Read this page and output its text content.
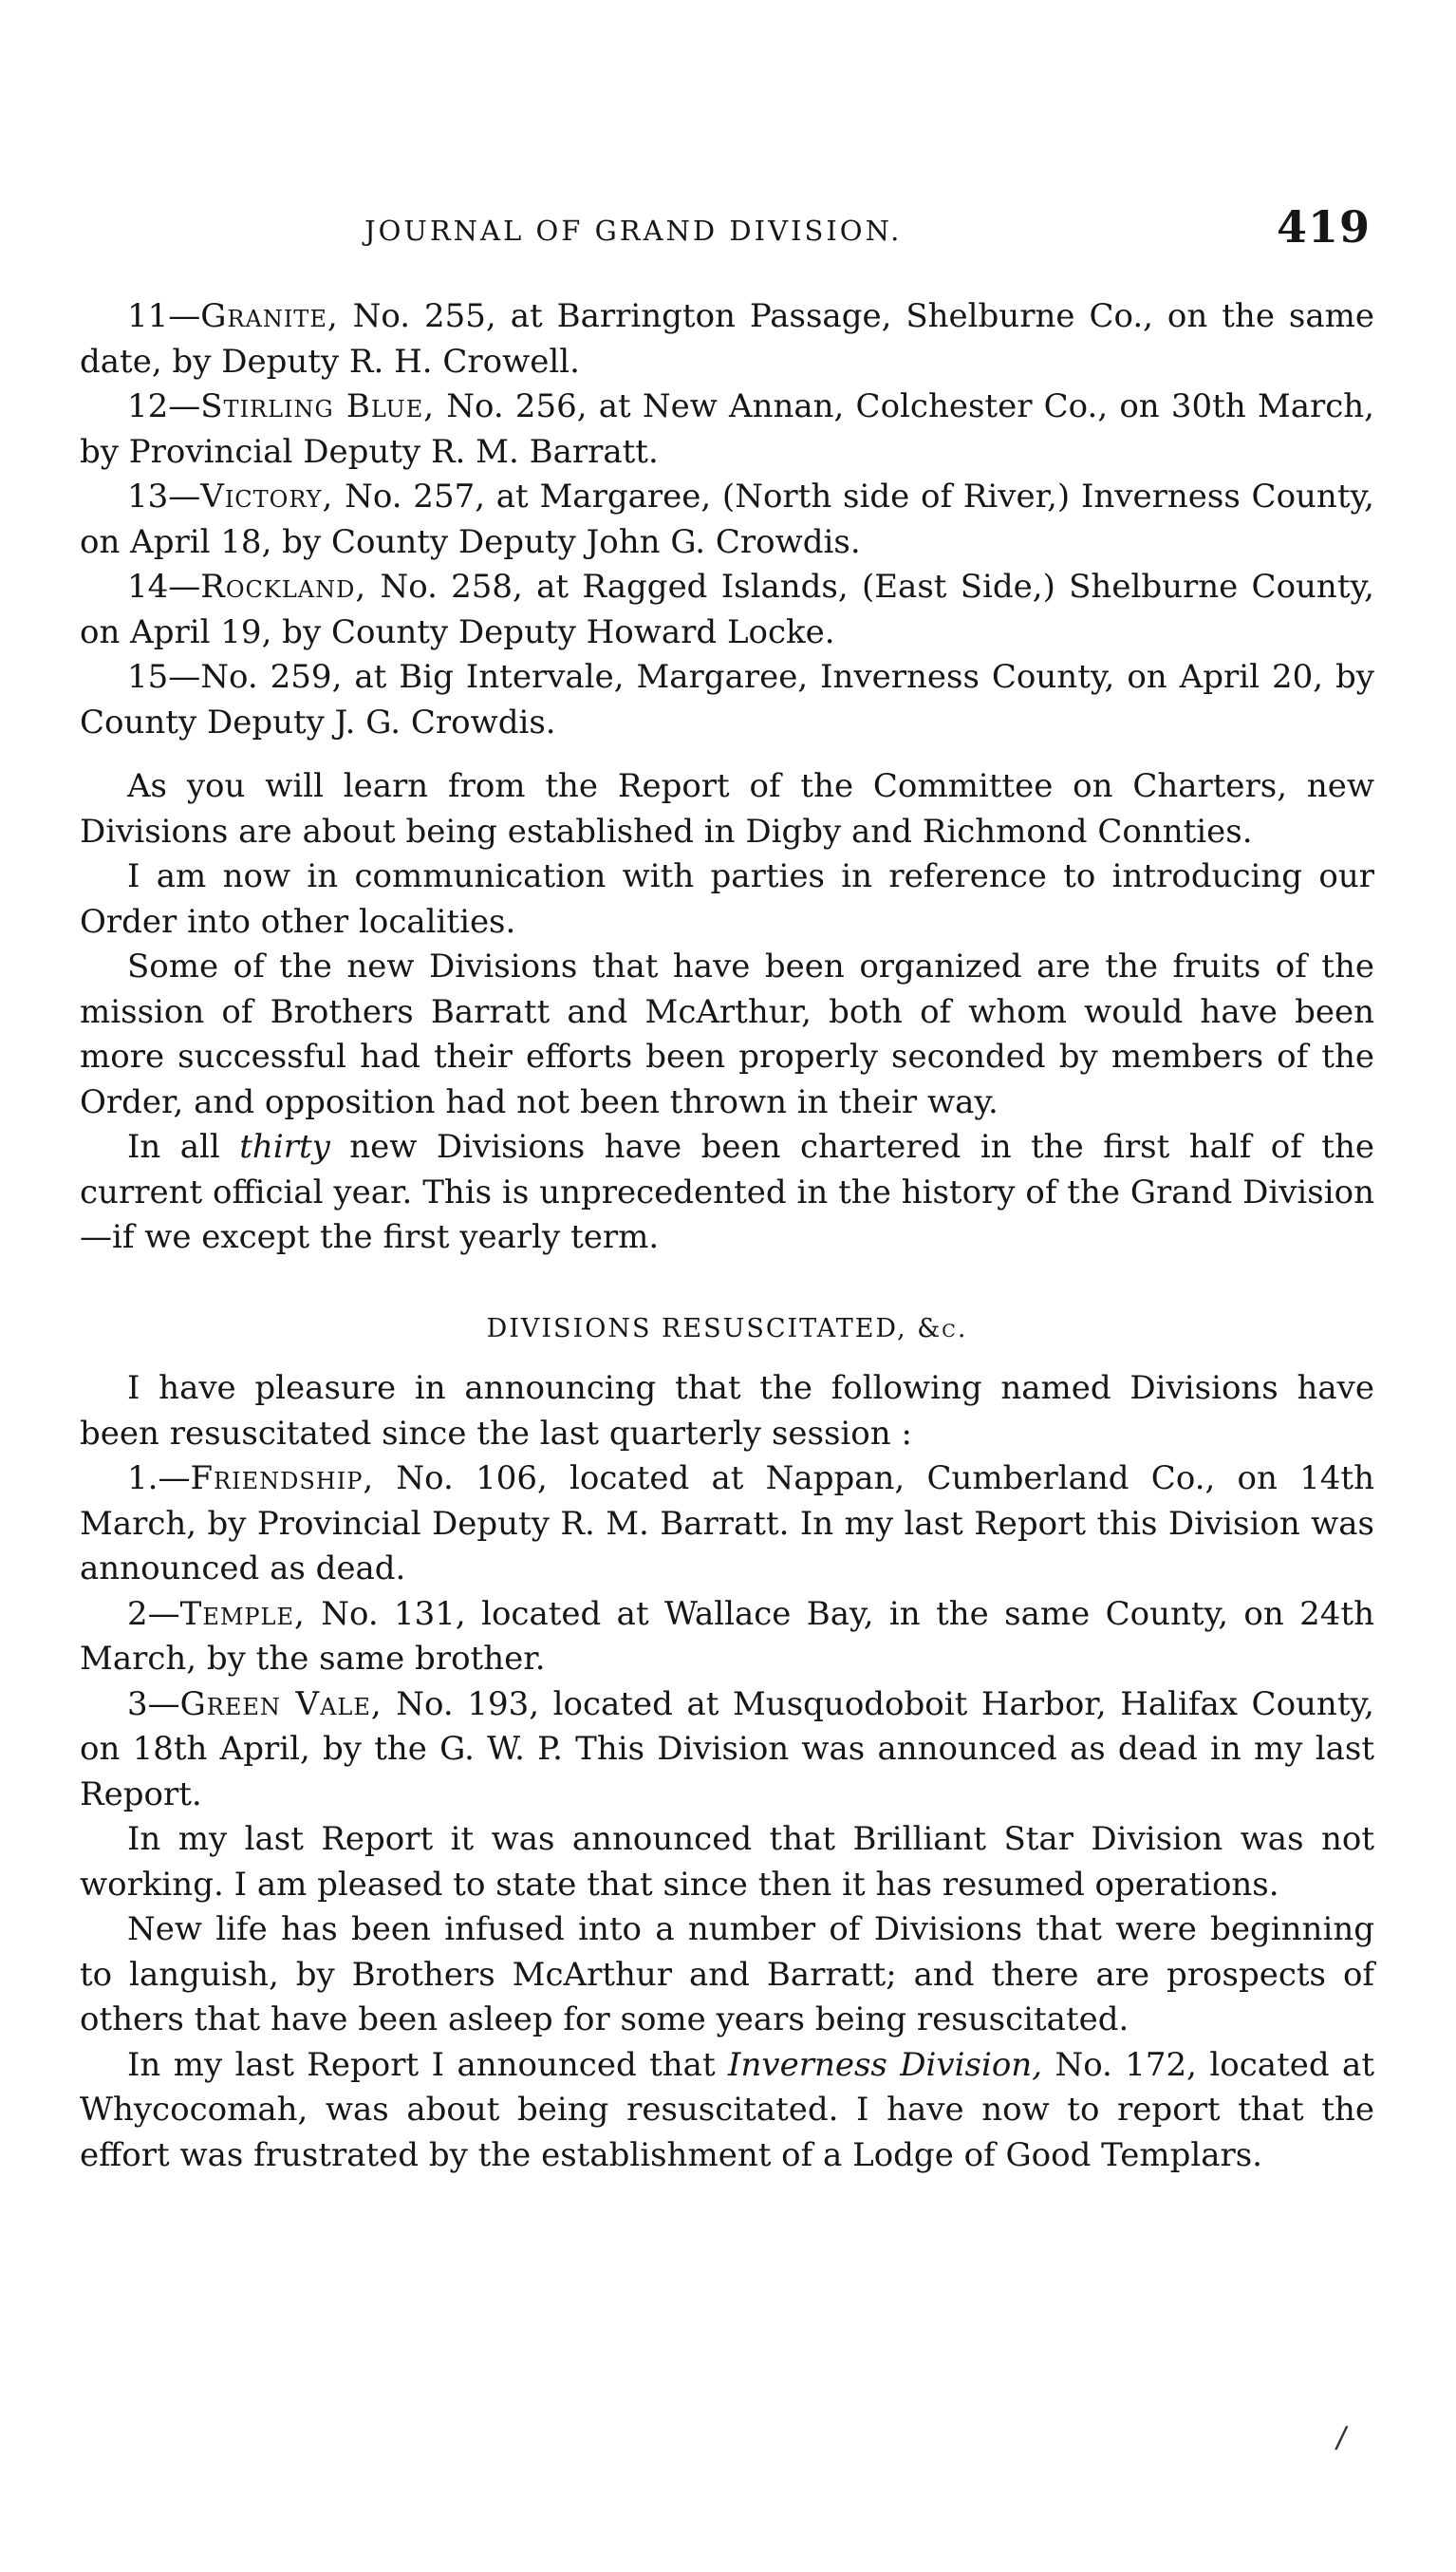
JOURNAL OF GRAND DIVISION.	419

11—Granite, No. 255, at Barrington Passage, Shelburne Co., on the same date, by Deputy R. H. Crowell.

12—Stirling Blue, No. 256, at New Annan, Colchester Co., on 30th March, by Provincial Deputy R. M. Barratt.

13—Victory, No. 257, at Margaree, (North side of River,) Inverness County, on April 18, by County Deputy John G. Crowdis.

14—Rockland, No. 258, at Ragged Islands, (East Side,) Shelburne County, on April 19, by County Deputy Howard Locke.

15—No. 259, at Big Intervale, Margaree, Inverness County, on April 20, by County Deputy J. G. Crowdis.

As you will learn from the Report of the Committee on Charters, new Divisions are about being established in Digby and Richmond Connties.

I am now in communication with parties in reference to introducing our Order into other localities.

Some of the new Divisions that have been organized are the fruits of the mission of Brothers Barratt and McArthur, both of whom would have been more successful had their efforts been properly seconded by members of the Order, and opposition had not been thrown in their way.

In all thirty new Divisions have been chartered in the first half of the current official year. This is unprecedented in the history of the Grand Division—if we except the first yearly term.

DIVISIONS RESUSCITATED, &c.

I have pleasure in announcing that the following named Divisions have been resuscitated since the last quarterly session :

1.—Friendship, No. 106, located at Nappan, Cumberland Co., on 14th March, by Provincial Deputy R. M. Barratt. In my last Report this Division was announced as dead.

2—Temple, No. 131, located at Wallace Bay, in the same County, on 24th March, by the same brother.

3—Green Vale, No. 193, located at Musquodoboit Harbor, Halifax County, on 18th April, by the G. W. P. This Division was announced as dead in my last Report.

In my last Report it was announced that Brilliant Star Division was not working. I am pleased to state that since then it has resumed operations.

New life has been infused into a number of Divisions that were beginning to languish, by Brothers McArthur and Barratt; and there are prospects of others that have been asleep for some years being resuscitated.

In my last Report I announced that Inverness Division, No. 172, located at Whycocomah, was about being resuscitated. I have now to report that the effort was frustrated by the establishment of a Lodge of Good Templars.

/
